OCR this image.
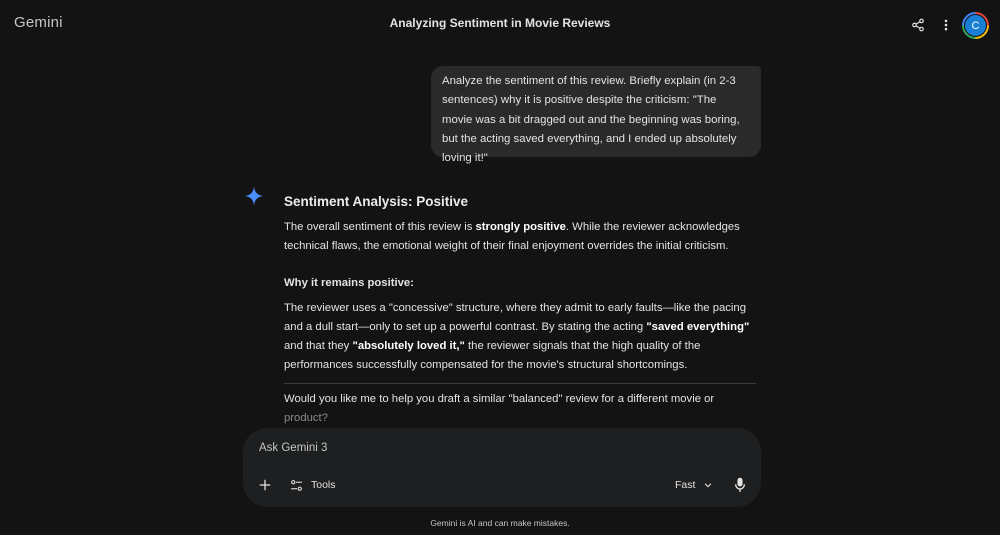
Gemini	Analyzing Sentiment in Movie Reviews	C
Analyze the sentiment of this review. Briefly explain (in 2-3 sentences) why it is positive despite the criticism: "The movie was a bit dragged out and the beginning was boring, but the acting saved everything, and I ended up absolutely loving it!"
Sentiment Analysis: Positive

The overall sentiment of this review is strongly positive. While the reviewer acknowledges technical flaws, the emotional weight of their final enjoyment overrides the initial criticism.

Why it remains positive:

The reviewer uses a "concessive" structure, where they admit to early faults—like the pacing and a dull start—only to set up a powerful contrast. By stating the acting "saved everything" and that they "absolutely loved it," the reviewer signals that the high quality of the performances successfully compensated for the movie's structural shortcomings.

Would you like me to help you draft a similar "balanced" review for a different movie or
product?
Ask Gemini 3
Tools	Fast
Gemini is AI and can make mistakes.
